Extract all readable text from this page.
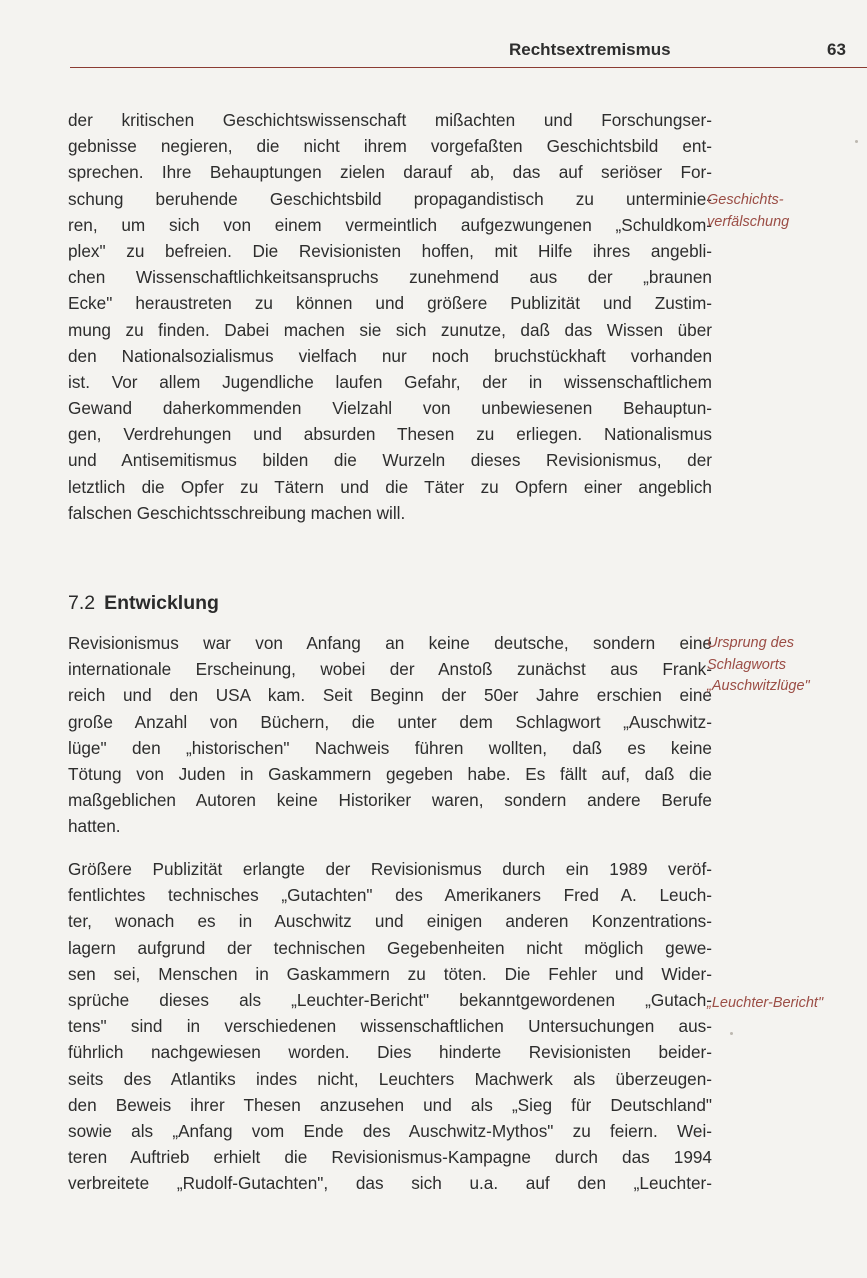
Rechtsextremismus	63
der kritischen Geschichtswissenschaft mißachten und Forschungser-
gebnisse negieren, die nicht ihrem vorgefaßten Geschichtsbild ent-
sprechen. Ihre Behauptungen zielen darauf ab, das auf seriöser For-
schung beruhende Geschichtsbild propagandistisch zu unterminie-
ren, um sich von einem vermeintlich aufgezwungenen „Schuldkom-
plex" zu befreien. Die Revisionisten hoffen, mit Hilfe ihres angebli-
chen Wissenschaftlichkeitsanspruchs zunehmend aus der „braunen
Ecke" heraustreten zu können und größere Publizität und Zustim-
mung zu finden. Dabei machen sie sich zunutze, daß das Wissen über
den Nationalsozialismus vielfach nur noch bruchstückhaft vorhanden
ist. Vor allem Jugendliche laufen Gefahr, der in wissenschaftlichem
Gewand daherkommenden Vielzahl von unbewiesenen Behauptun-
gen, Verdrehungen und absurden Thesen zu erliegen. Nationalismus
und Antisemitismus bilden die Wurzeln dieses Revisionismus, der
letztlich die Opfer zu Tätern und die Täter zu Opfern einer angeblich
falschen Geschichtsschreibung machen will.
7.2 Entwicklung
Revisionismus war von Anfang an keine deutsche, sondern eine
internationale Erscheinung, wobei der Anstoß zunächst aus Frank-
reich und den USA kam. Seit Beginn der 50er Jahre erschien eine
große Anzahl von Büchern, die unter dem Schlagwort „Auschwitz-
lüge" den „historischen" Nachweis führen wollten, daß es keine
Tötung von Juden in Gaskammern gegeben habe. Es fällt auf, daß die
maßgeblichen Autoren keine Historiker waren, sondern andere Berufe
hatten.
Größere Publizität erlangte der Revisionismus durch ein 1989 veröf-
fentlichtes technisches „Gutachten" des Amerikaners Fred A. Leuch-
ter, wonach es in Auschwitz und einigen anderen Konzentrations-
lagern aufgrund der technischen Gegebenheiten nicht möglich gewe-
sen sei, Menschen in Gaskammern zu töten. Die Fehler und Wider-
sprüche dieses als „Leuchter-Bericht" bekanntgewordenen „Gutach-
tens" sind in verschiedenen wissenschaftlichen Untersuchungen aus-
führlich nachgewiesen worden. Dies hinderte Revisionisten beider-
seits des Atlantiks indes nicht, Leuchters Machwerk als überzeugen-
den Beweis ihrer Thesen anzusehen und als „Sieg für Deutschland"
sowie als „Anfang vom Ende des Auschwitz-Mythos" zu feiern. Wei-
teren Auftrieb erhielt die Revisionismus-Kampagne durch das 1994
verbreitete „Rudolf-Gutachten", das sich u.a. auf den „Leuchter-
Geschichts-
verfälschung
Ursprung des
Schlagworts
„Auschwitzlüge"
„Leuchter-Bericht"
